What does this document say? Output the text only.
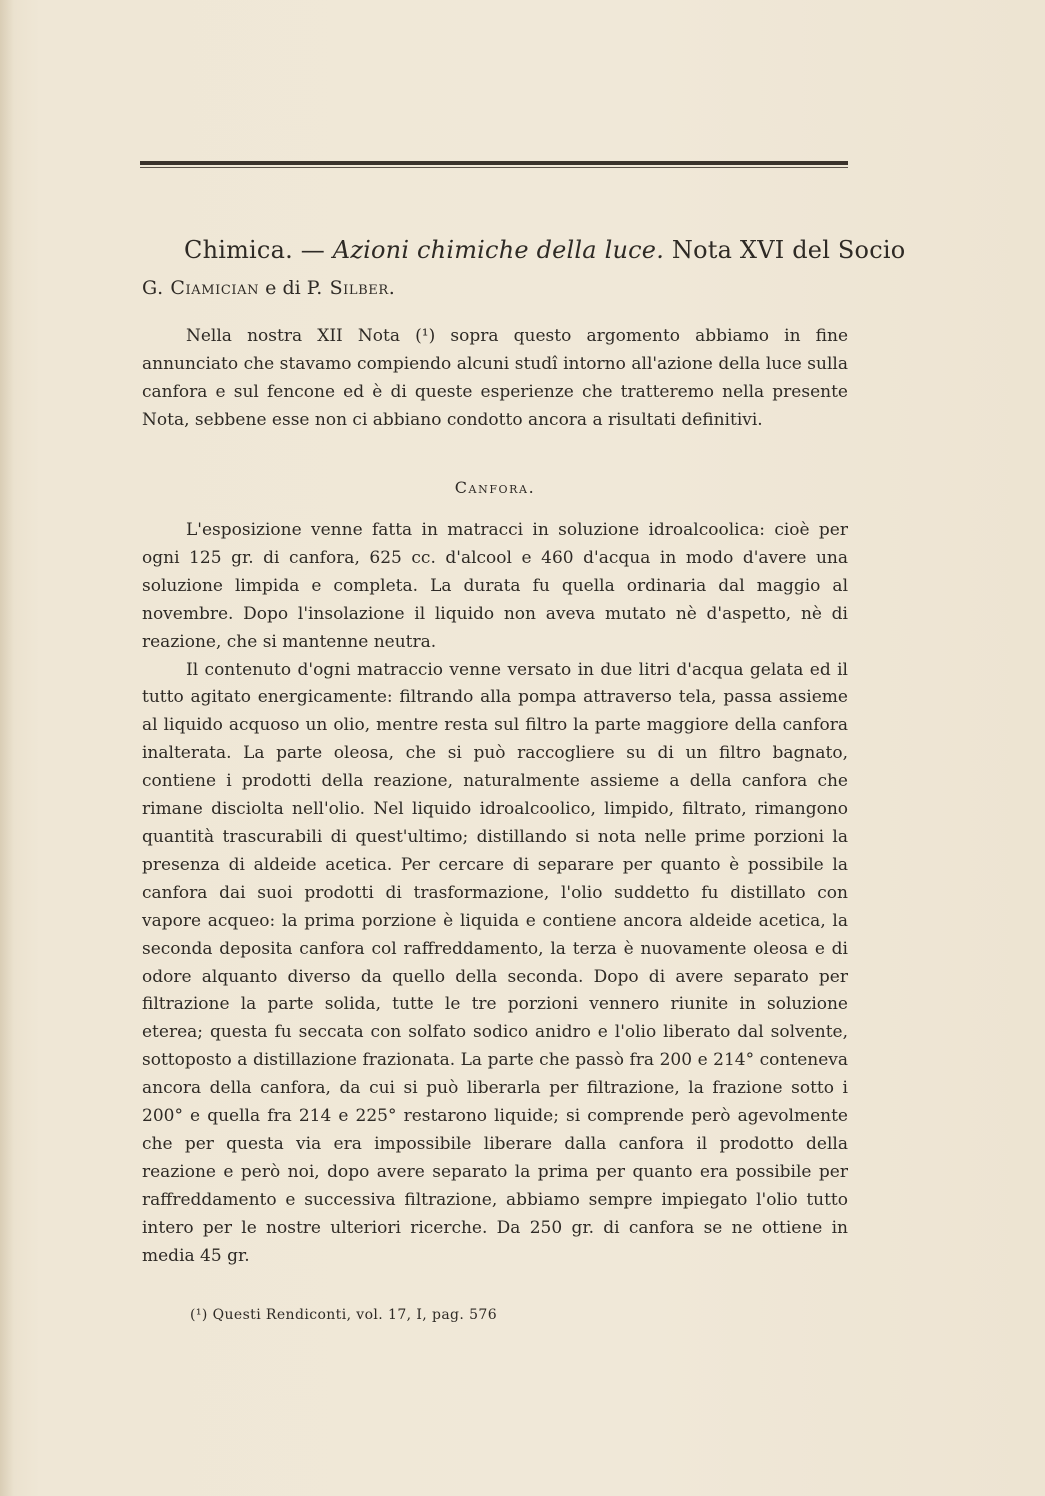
Chimica. — Azioni chimiche della luce. Nota XVI del Socio
G. Ciamician e di P. Silber.

Nella nostra XII Nota (¹) sopra questo argomento abbiamo in fine annunciato che stavamo compiendo alcuni studî intorno all'azione della luce sulla canfora e sul fencone ed è di queste esperienze che tratteremo nella presente Nota, sebbene esse non ci abbiano condotto ancora a risultati definitivi.

Canfora.

L'esposizione venne fatta in matracci in soluzione idroalcoolica: cioè per ogni 125 gr. di canfora, 625 cc. d'alcool e 460 d'acqua in modo d'avere una soluzione limpida e completa. La durata fu quella ordinaria dal maggio al novembre. Dopo l'insolazione il liquido non aveva mutato nè d'aspetto, nè di reazione, che si mantenne neutra.

Il contenuto d'ogni matraccio venne versato in due litri d'acqua gelata ed il tutto agitato energicamente: filtrando alla pompa attraverso tela, passa assieme al liquido acquoso un olio, mentre resta sul filtro la parte maggiore della canfora inalterata. La parte oleosa, che si può raccogliere su di un filtro bagnato, contiene i prodotti della reazione, naturalmente assieme a della canfora che rimane disciolta nell'olio. Nel liquido idroalcoolico, limpido, filtrato, rimangono quantità trascurabili di quest'ultimo; distillando si nota nelle prime porzioni la presenza di aldeide acetica. Per cercare di separare per quanto è possibile la canfora dai suoi prodotti di trasformazione, l'olio suddetto fu distillato con vapore acqueo: la prima porzione è liquida e contiene ancora aldeide acetica, la seconda deposita canfora col raffreddamento, la terza è nuovamente oleosa e di odore alquanto diverso da quello della seconda. Dopo di avere separato per filtrazione la parte solida, tutte le tre porzioni vennero riunite in soluzione eterea; questa fu seccata con solfato sodico anidro e l'olio liberato dal solvente, sottoposto a distillazione frazionata. La parte che passò fra 200 e 214° conteneva ancora della canfora, da cui si può liberarla per filtrazione, la frazione sotto i 200° e quella fra 214 e 225° restarono liquide; si comprende però agevolmente che per questa via era impossibile liberare dalla canfora il prodotto della reazione e però noi, dopo avere separato la prima per quanto era possibile per raffreddamento e successiva filtrazione, abbiamo sempre impiegato l'olio tutto intero per le nostre ulteriori ricerche. Da 250 gr. di canfora se ne ottiene in media 45 gr.

(¹) Questi Rendiconti, vol. 17, I, pag. 576
